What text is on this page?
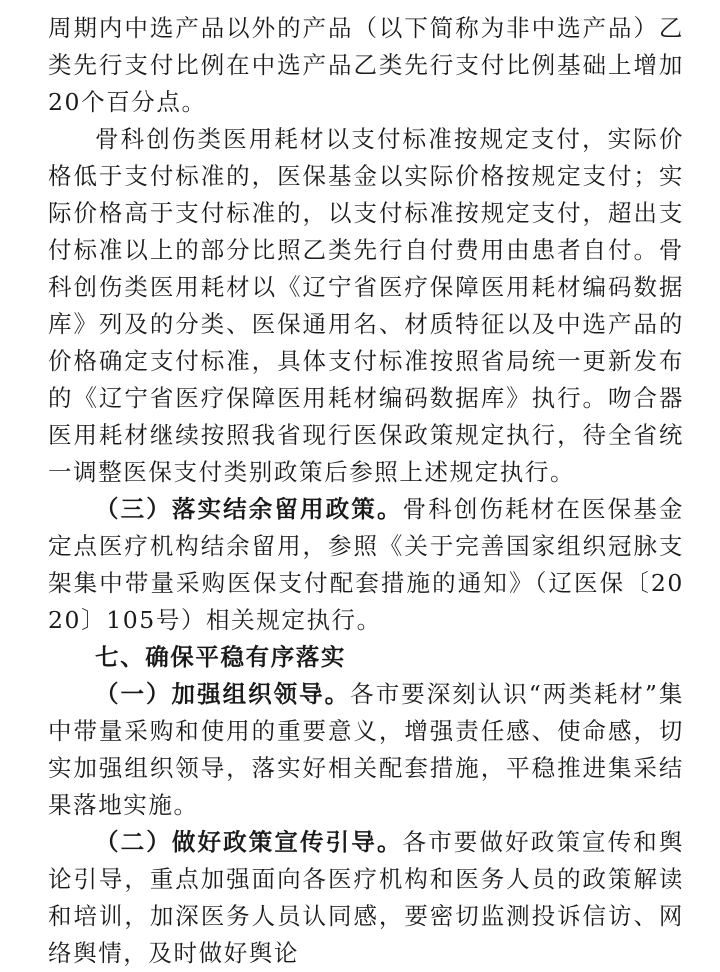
周期内中选产品以外的产品（以下简称为非中选产品）乙类先行支付比例在中选产品乙类先行支付比例基础上增加20个百分点。

骨科创伤类医用耗材以支付标准按规定支付，实际价格低于支付标准的，医保基金以实际价格按规定支付；实际价格高于支付标准的，以支付标准按规定支付，超出支付标准以上的部分比照乙类先行自付费用由患者自付。骨科创伤类医用耗材以《辽宁省医疗保障医用耗材编码数据库》列及的分类、医保通用名、材质特征以及中选产品的价格确定支付标准，具体支付标准按照省局统一更新发布的《辽宁省医疗保障医用耗材编码数据库》执行。吻合器医用耗材继续按照我省现行医保政策规定执行，待全省统一调整医保支付类别政策后参照上述规定执行。

（三）落实结余留用政策。骨科创伤耗材在医保基金定点医疗机构结余留用，参照《关于完善国家组织冠脉支架集中带量采购医保支付配套措施的通知》（辽医保〔2020〕105号）相关规定执行。

七、确保平稳有序落实

（一）加强组织领导。各市要深刻认识“两类耗材”集中带量采购和使用的重要意义，增强责任感、使命感，切实加强组织领导，落实好相关配套措施，平稳推进集采结果落地实施。

（二）做好政策宣传引导。各市要做好政策宣传和舆论引导，重点加强面向各医疗机构和医务人员的政策解读和培训，加深医务人员认同感，要密切监测投诉信访、网络舆情，及时做好舆论
